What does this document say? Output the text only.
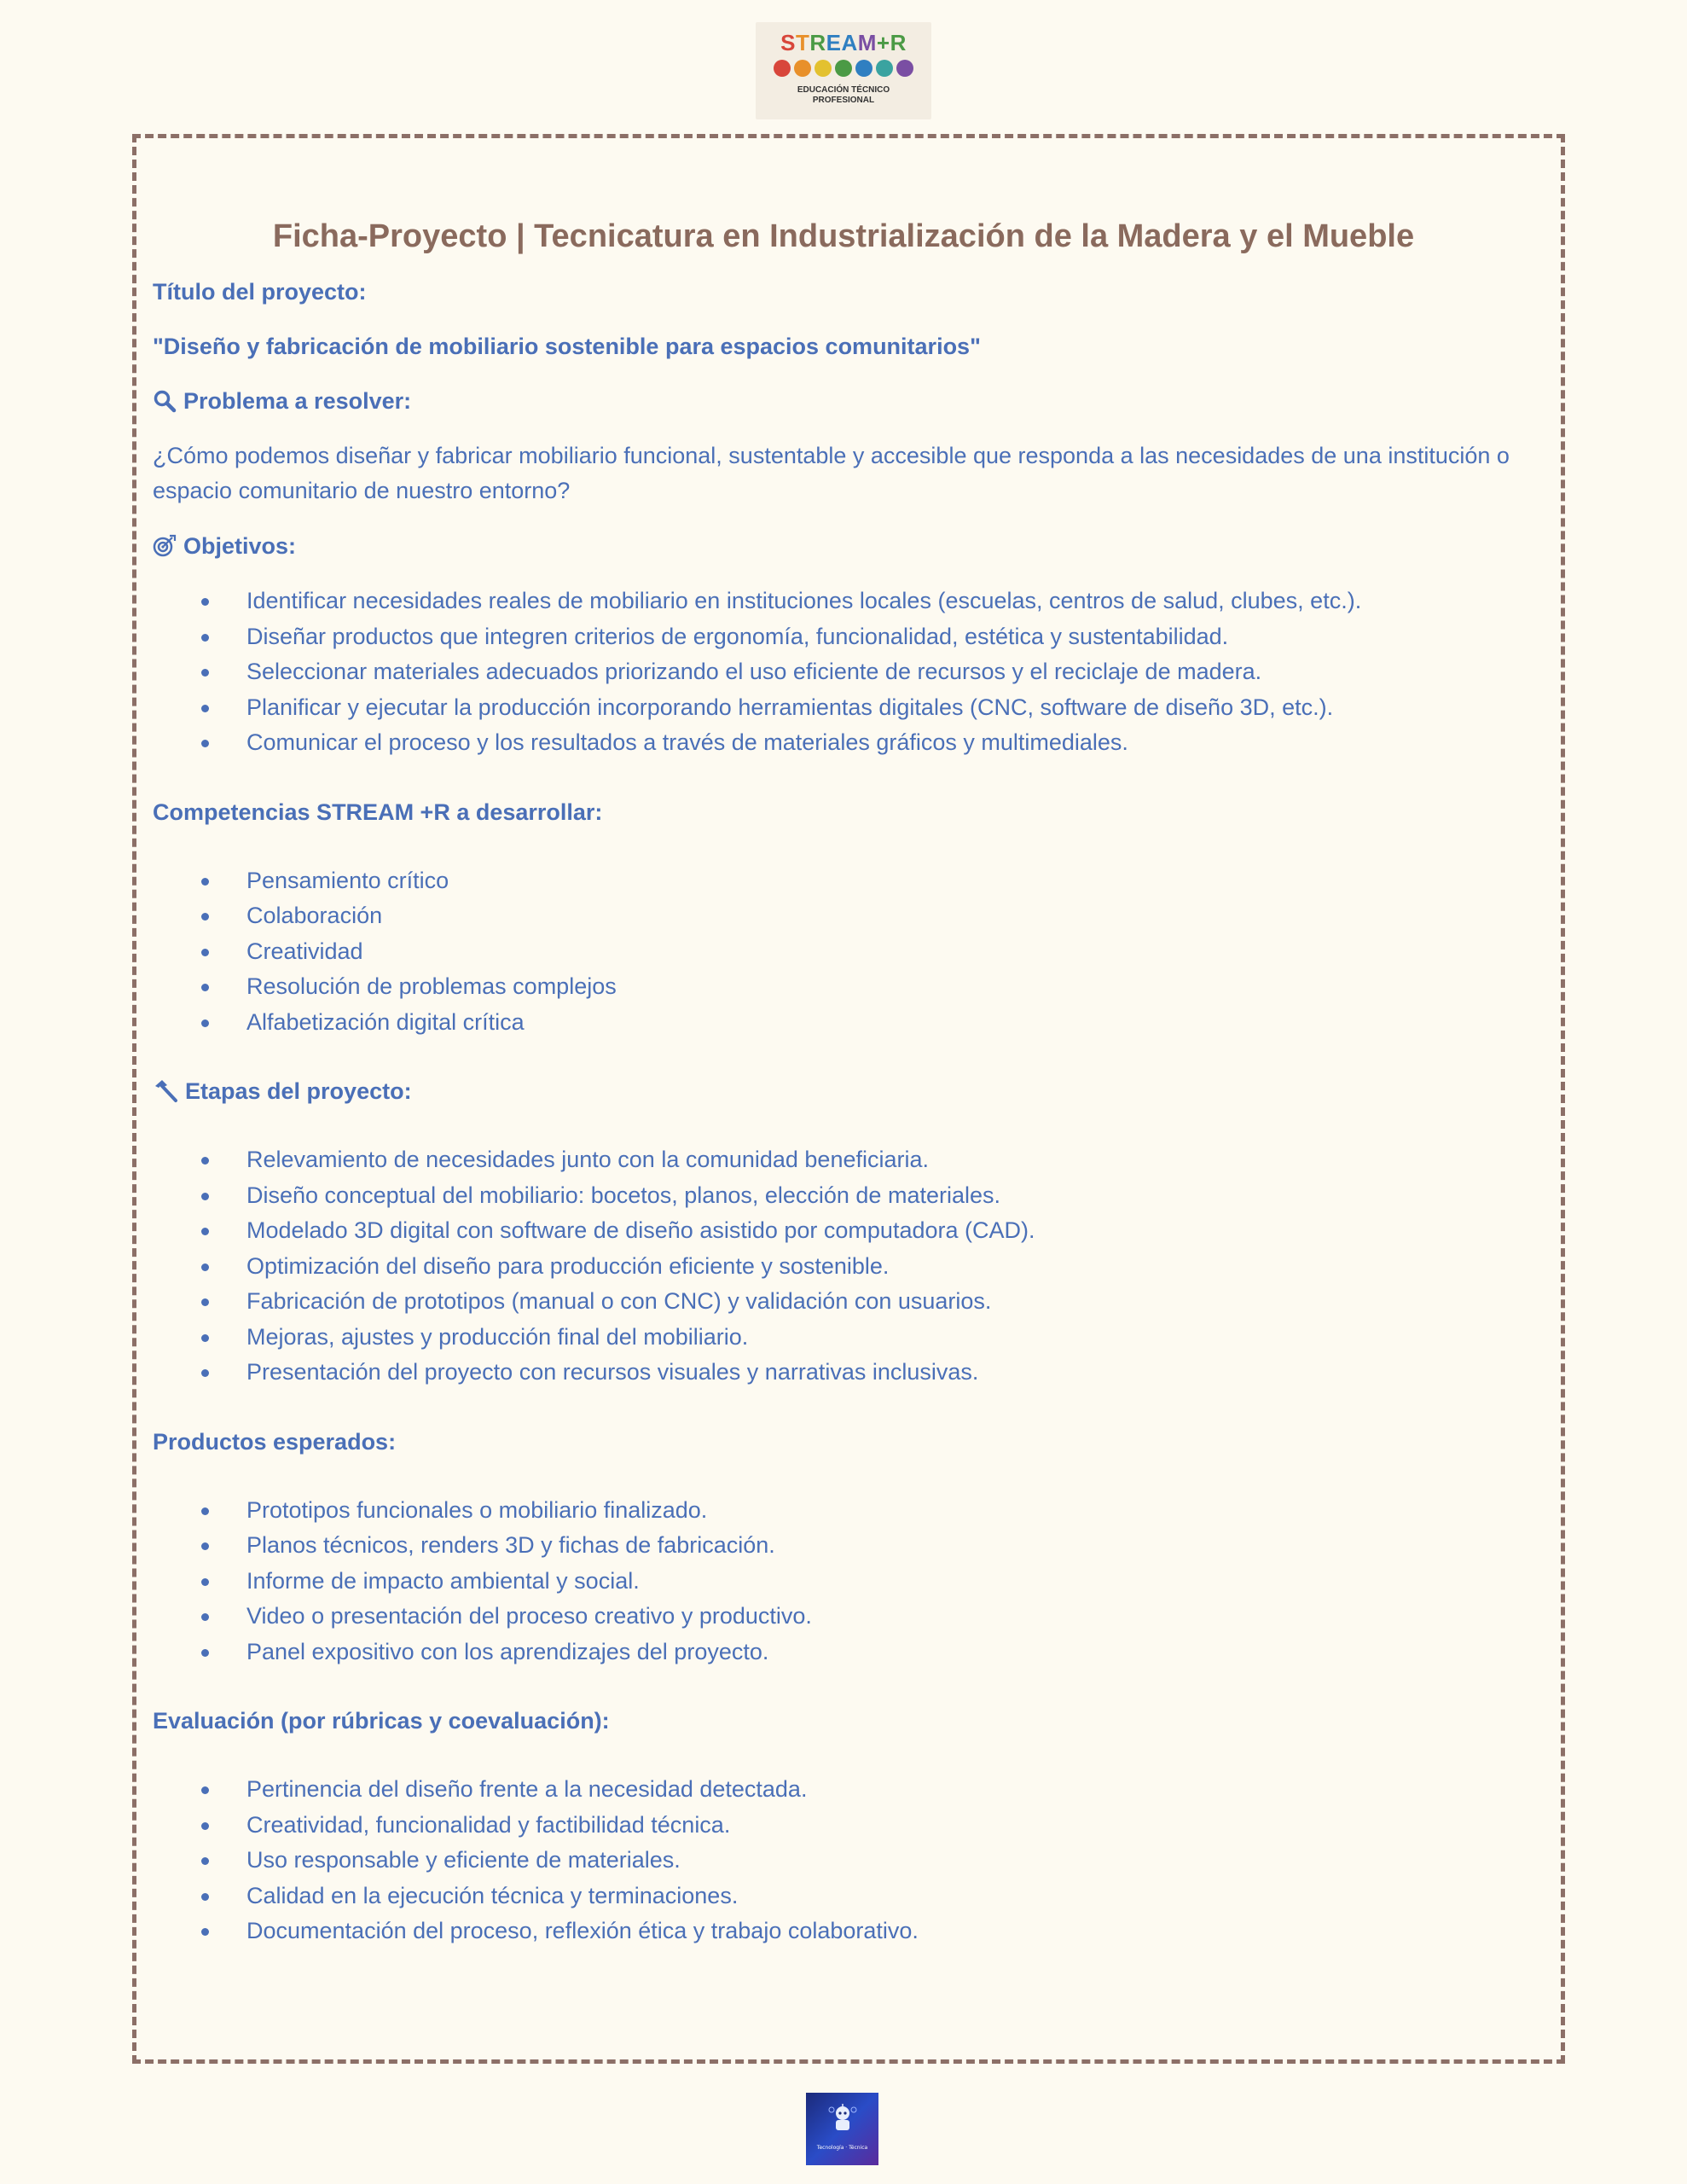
STREAM+R
EDUCACIÓN TÉCNICO
PROFESIONAL
Ficha-Proyecto | Tecnicatura en Industrialización de la Madera y el Mueble

Título del proyecto:

"Diseño y fabricación de mobiliario sostenible para espacios comunitarios"

Problema a resolver:

¿Cómo podemos diseñar y fabricar mobiliario funcional, sustentable y accesible que responda a las necesidades de una institución o espacio comunitario de nuestro entorno?

Objetivos:

Identificar necesidades reales de mobiliario en instituciones locales (escuelas, centros de salud, clubes, etc.).
Diseñar productos que integren criterios de ergonomía, funcionalidad, estética y sustentabilidad.
Seleccionar materiales adecuados priorizando el uso eficiente de recursos y el reciclaje de madera.
Planificar y ejecutar la producción incorporando herramientas digitales (CNC, software de diseño 3D, etc.).
Comunicar el proceso y los resultados a través de materiales gráficos y multimediales.

Competencias STREAM +R a desarrollar:

Pensamiento crítico
Colaboración
Creatividad
Resolución de problemas complejos
Alfabetización digital crítica

Etapas del proyecto:

Relevamiento de necesidades junto con la comunidad beneficiaria.
Diseño conceptual del mobiliario: bocetos, planos, elección de materiales.
Modelado 3D digital con software de diseño asistido por computadora (CAD).
Optimización del diseño para producción eficiente y sostenible.
Fabricación de prototipos (manual o con CNC) y validación con usuarios.
Mejoras, ajustes y producción final del mobiliario.
Presentación del proyecto con recursos visuales y narrativas inclusivas.

Productos esperados:

Prototipos funcionales o mobiliario finalizado.
Planos técnicos, renders 3D y fichas de fabricación.
Informe de impacto ambiental y social.
Video o presentación del proceso creativo y productivo.
Panel expositivo con los aprendizajes del proyecto.

Evaluación (por rúbricas y coevaluación):

Pertinencia del diseño frente a la necesidad detectada.
Creatividad, funcionalidad y factibilidad técnica.
Uso responsable y eficiente de materiales.
Calidad en la ejecución técnica y terminaciones.
Documentación del proceso, reflexión ética y trabajo colaborativo.
Tecnología · Técnica
